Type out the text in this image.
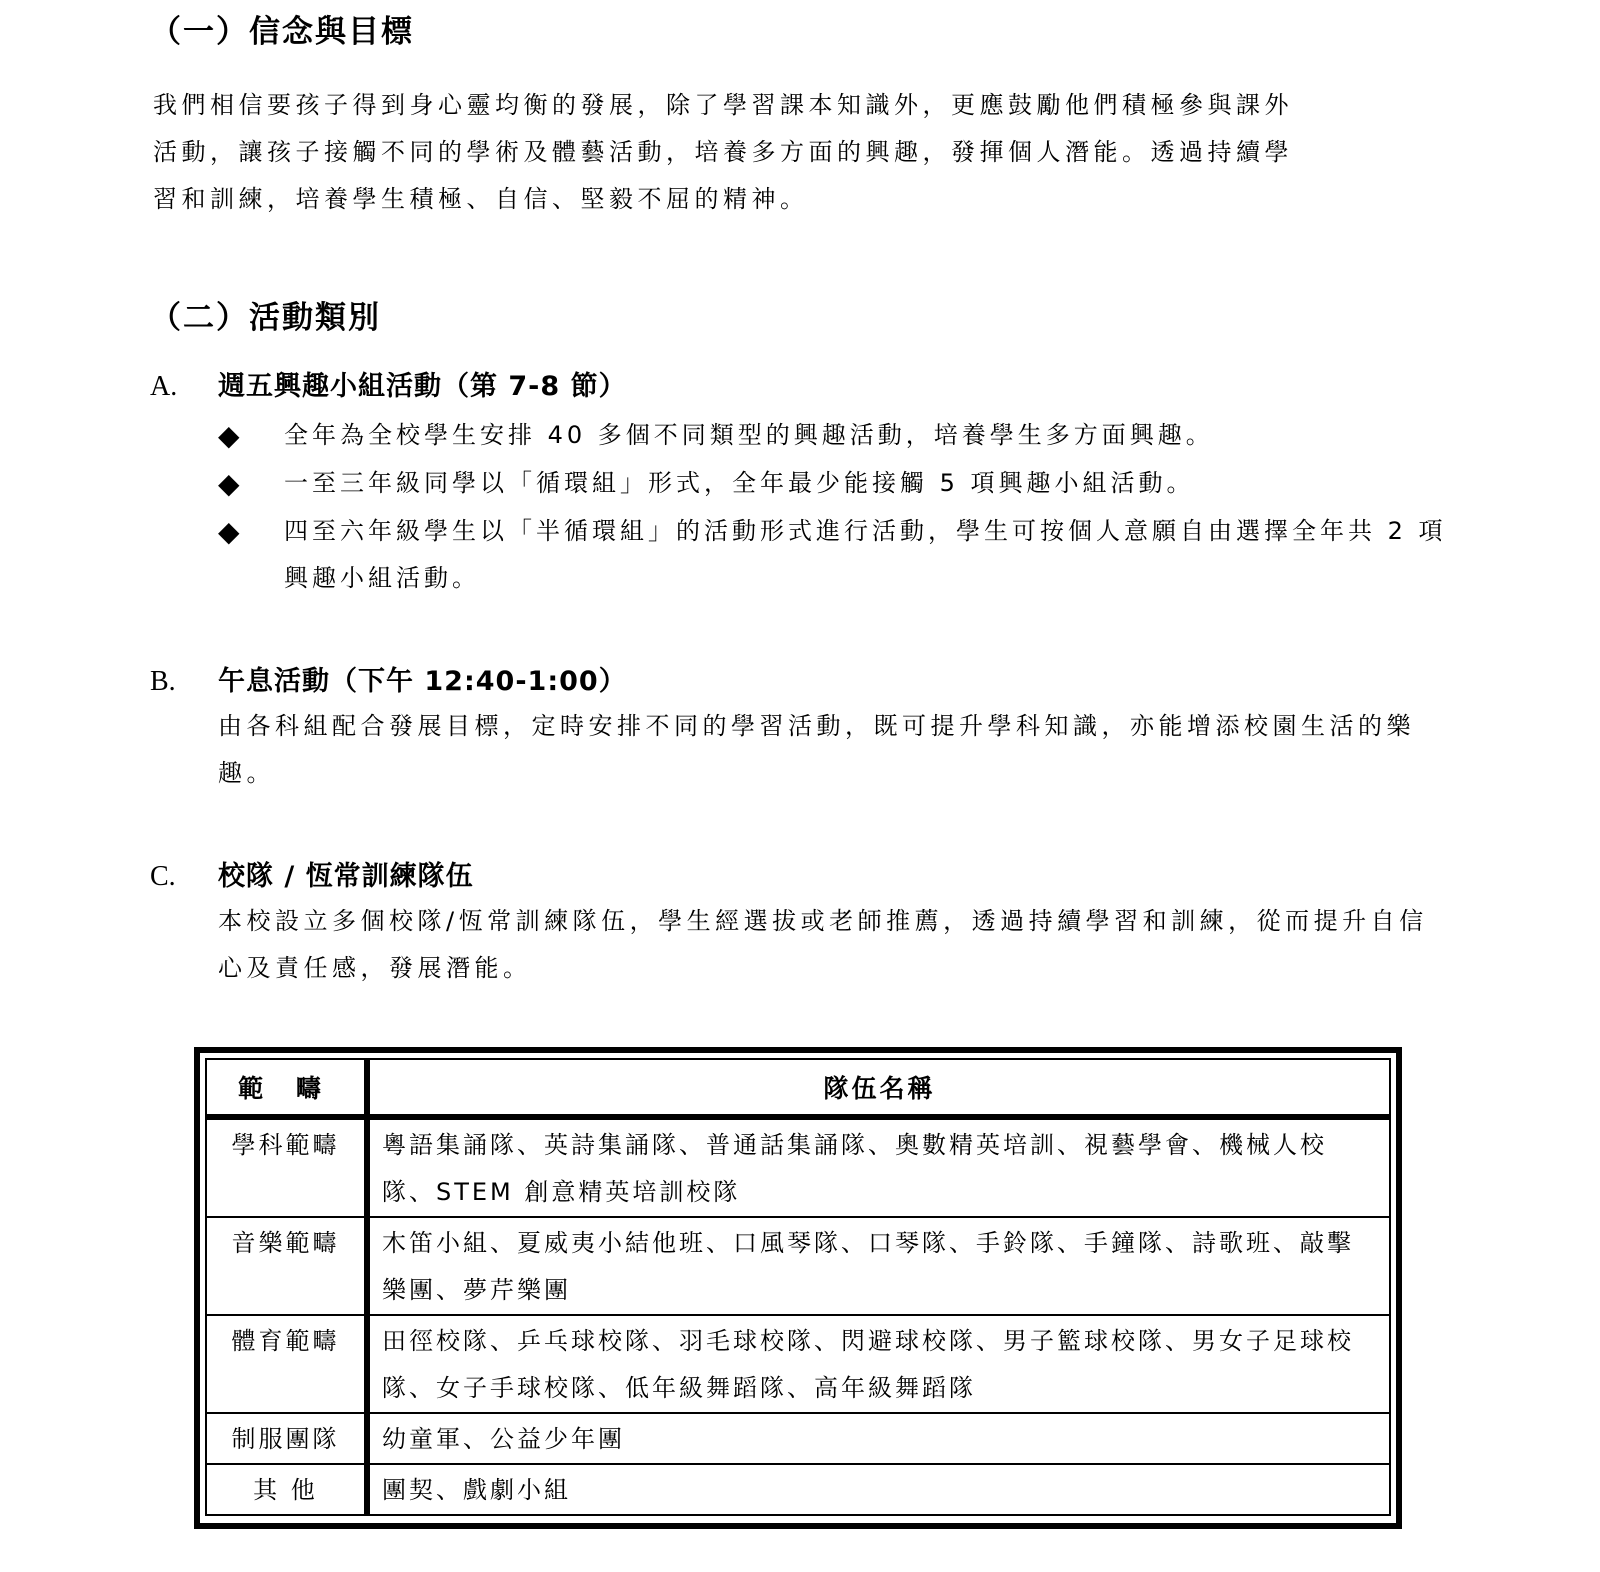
（一）信念與目標

我們相信要孩子得到身心靈均衡的發展，除了學習課本知識外，更應鼓勵他們積極參與課外
活動，讓孩子接觸不同的學術及體藝活動，培養多方面的興趣，發揮個人潛能。透過持續學
習和訓練，培養學生積極、自信、堅毅不屈的精神。

（二）活動類別
A. 週五興趣小組活動（第 7-8 節）
◆ 全年為全校學生安排 40 多個不同類型的興趣活動，培養學生多方面興趣。
◆ 一至三年級同學以「循環組」形式，全年最少能接觸 5 項興趣小組活動。
◆ 四至六年級學生以「半循環組」的活動形式進行活動，學生可按個人意願自由選擇全年共 2 項興趣小組活動。
B. 午息活動（下午 12:40-1:00）

由各科組配合發展目標，定時安排不同的學習活動，既可提升學科知識，亦能增添校園生活的樂趣。

C. 校隊 / 恆常訓練隊伍

本校設立多個校隊/恆常訓練隊伍，學生經選拔或老師推薦，透過持續學習和訓練，從而提升自信心及責任感，發展潛能。

範 疇	隊伍名稱
學科範疇	粵語集誦隊、英詩集誦隊、普通話集誦隊、奧數精英培訓、視藝學會、機械人校隊、STEM 創意精英培訓校隊
音樂範疇	木笛小組、夏威夷小結他班、口風琴隊、口琴隊、手鈴隊、手鐘隊、詩歌班、敲擊樂團、夢芹樂團
體育範疇	田徑校隊、乒乓球校隊、羽毛球校隊、閃避球校隊、男子籃球校隊、男女子足球校隊、女子手球校隊、低年級舞蹈隊、高年級舞蹈隊
制服團隊	幼童軍、公益少年團
其 他	團契、戲劇小組
